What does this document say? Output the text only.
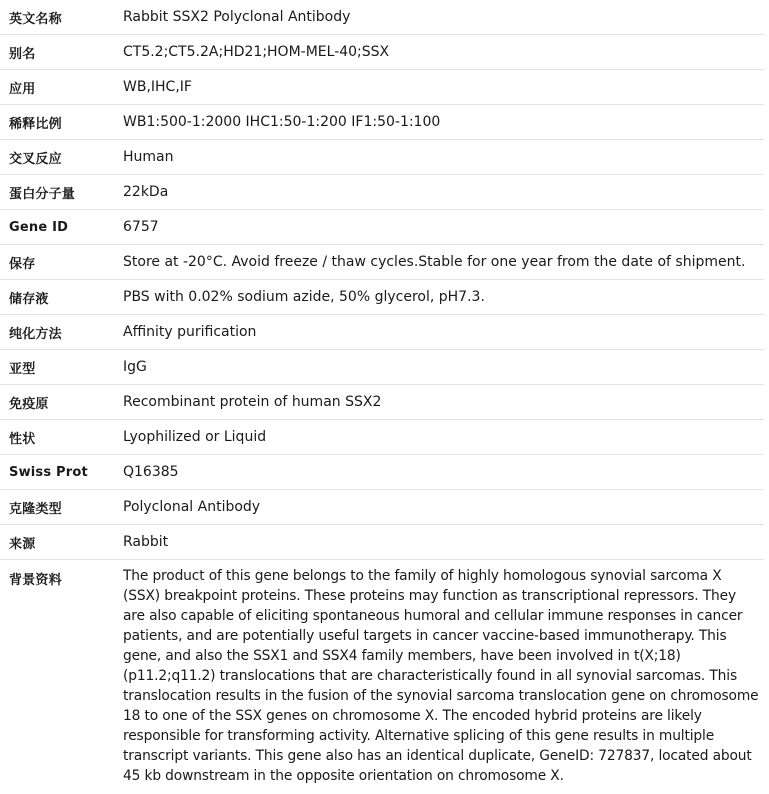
英文名称	Rabbit SSX2 Polyclonal Antibody
别名	CT5.2;CT5.2A;HD21;HOM-MEL-40;SSX
应用	WB,IHC,IF
稀释比例	WB1:500-1:2000 IHC1:50-1:200 IF1:50-1:100
交叉反应	Human
蛋白分子量	22kDa
Gene ID	6757
保存	Store at -20°C. Avoid freeze / thaw cycles.Stable for one year from the date of shipment.
储存液	PBS with 0.02% sodium azide, 50% glycerol, pH7.3.
纯化方法	Affinity purification
亚型	IgG
免疫原	Recombinant protein of human SSX2
性状	Lyophilized or Liquid
Swiss Prot	Q16385
克隆类型	Polyclonal Antibody
来源	Rabbit
背景资料	The product of this gene belongs to the family of highly homologous synovial sarcoma X (SSX) breakpoint proteins. These proteins may function as transcriptional repressors. They are also capable of eliciting spontaneous humoral and cellular immune responses in cancer patients, and are potentially useful targets in cancer vaccine-based immunotherapy. This gene, and also the SSX1 and SSX4 family members, have been involved in t(X;18)(p11.2;q11.2) translocations that are characteristically found in all synovial sarcomas. This translocation results in the fusion of the synovial sarcoma translocation gene on chromosome 18 to one of the SSX genes on chromosome X. The encoded hybrid proteins are likely responsible for transforming activity. Alternative splicing of this gene results in multiple transcript variants. This gene also has an identical duplicate, GeneID: 727837, located about 45 kb downstream in the opposite orientation on chromosome X.
